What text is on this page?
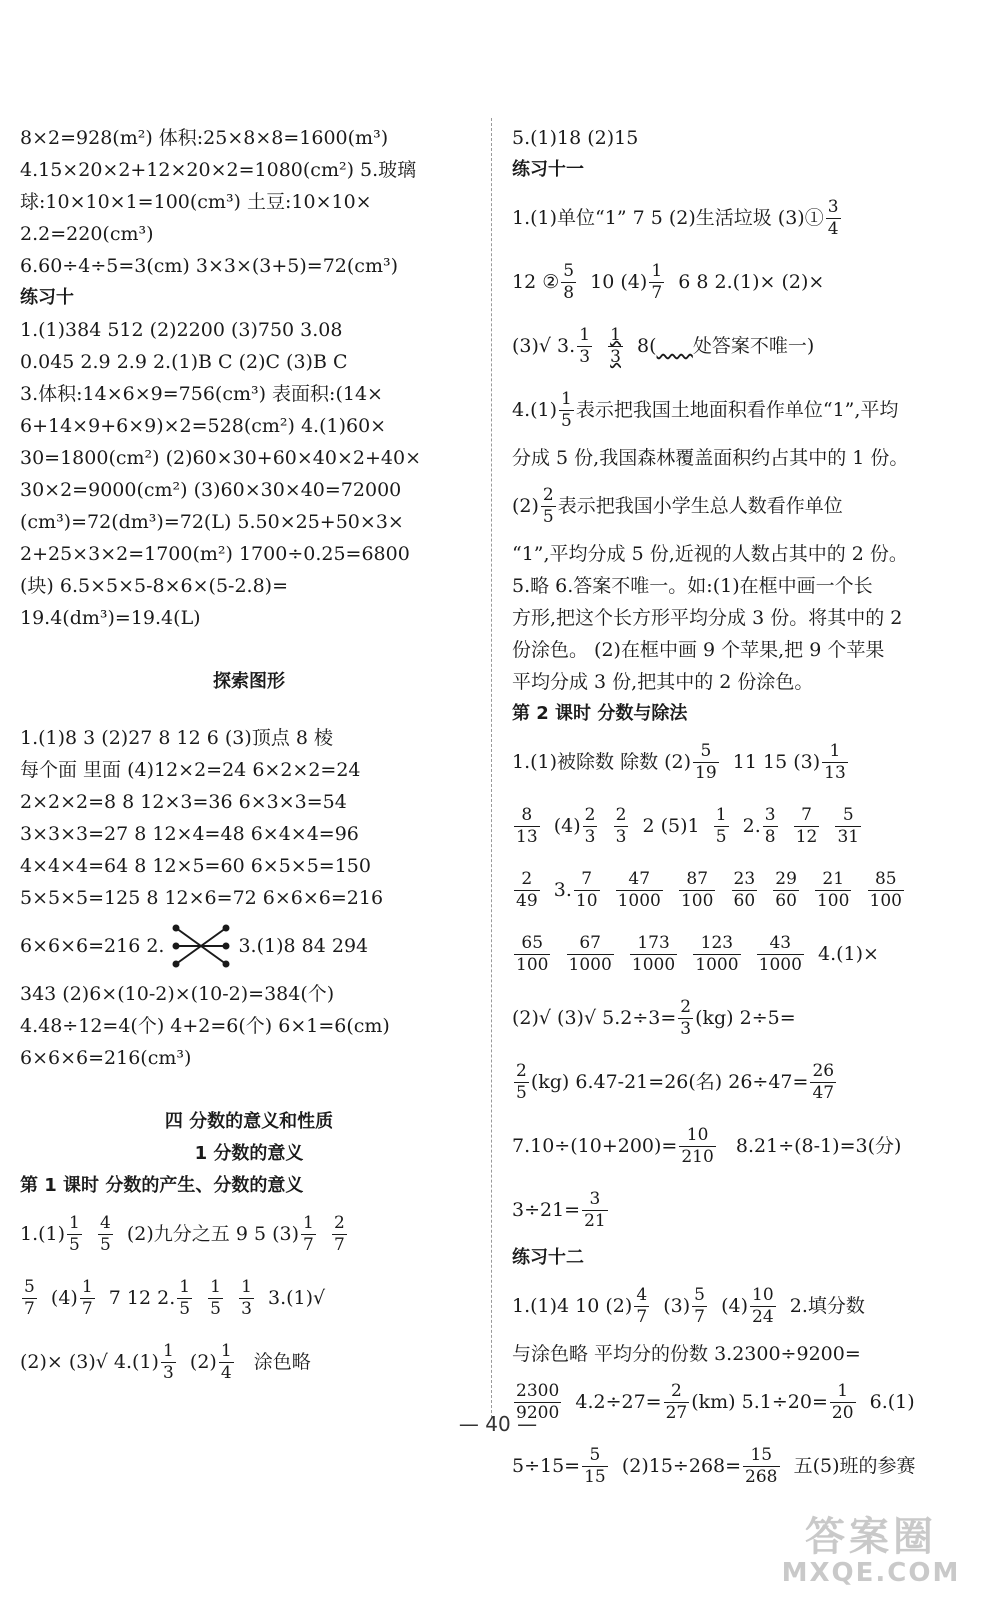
8×2=928(m²) 体积:25×8×8=1600(m³)
4.15×20×2+12×20×2=1080(cm²) 5.玻璃
球:10×10×1=100(cm³) 土豆:10×10×
2.2=220(cm³)
6.60÷4÷5=3(cm) 3×3×(3+5)=72(cm³)
练习十
1.(1)384 512 (2)2200 (3)750 3.08
0.045 2.9 2.9 2.(1)B C (2)C (3)B C
3.体积:14×6×9=756(cm³) 表面积:(14×
6+14×9+6×9)×2=528(cm²) 4.(1)60×
30=1800(cm²) (2)60×30+60×40×2+40×
30×2=9000(cm²) (3)60×30×40=72000
(cm³)=72(dm³)=72(L) 5.50×25+50×3×
2+25×3×2=1700(m²) 1700÷0.25=6800
(块) 6.5×5×5-8×6×(5-2.8)=
19.4(dm³)=19.4(L)
探索图形
1.(1)8 3 (2)27 8 12 6 (3)顶点 8 棱
每个面 里面 (4)12×2=24 6×2×2=24
2×2×2=8 8 12×3=36 6×3×3=54
3×3×3=27 8 12×4=48 6×4×4=96
4×4×4=64 8 12×5=60 6×5×5=150
5×5×5=125 8 12×6=72 6×6×6=216
6×6×6=216 2.	3.(1)8 84 294
343 (2)6×(10-2)×(10-2)=384(个)
4.48÷12=4(个) 4+2=6(个) 6×1=6(cm)
6×6×6=216(cm³)
四 分数的意义和性质
1 分数的意义
第 1 课时 分数的产生、分数的意义
$1.(1) \frac{1}{5}$
$\frac{4}{5}$
(2)九分之五 9 5 $(3) \frac{1}{7}$
$\frac{2}{7}$
$\frac{5}{7}$
$(4) \frac{1}{7}$
7 12 2. $\frac{1}{5}$
$\frac{1}{5}$
$\frac{1}{3}$
3.(1)√
(2)× (3)√ $4.(1) \frac{1}{3}$
$(2) \frac{1}{4}$
涂色略
5.(1)18 (2)15
练习十一
1.(1)单位“1” 7 5 (2)生活垃圾 (3)① $\frac{3}{4}$
12 ② $\frac{5}{8}$
10 $(4) \frac{1}{7}$
6 8 2.(1)× (2)×
(3)√ 3. $\frac{1}{3}$
$\frac{1}{3}$
8(
处答案不唯一)
$4.(1) \frac{1}{5}$ 表示把我国土地面积看作单位“1”,平均
分成 5 份,我国森林覆盖面积约占其中的 1 份。
$(2) \frac{2}{5}$ 表示把我国小学生总人数看作单位
“1”,平均分成 5 份,近视的人数占其中的 2 份。
5.略 6.答案不唯一。如:(1)在框中画一个长
方形,把这个长方形平均分成 3 份。将其中的 2
份涂色。 (2)在框中画 9 个苹果,把 9 个苹果
平均分成 3 份,把其中的 2 份涂色。
第 2 课时 分数与除法
1.(1)被除数 除数 $(2) \frac{5}{19}$
11 15 $(3) \frac{1}{13}$
$\frac{8}{13}$
$(4) \frac{2}{3}$
$\frac{2}{3}$
2 (5)1
$\frac{1}{5}$
2. $\frac{3}{8}$
$\frac{7}{12}$
$\frac{5}{31}$
$\frac{2}{49}$
3. $\frac{7}{10}$
$\frac{47}{1000}$
$\frac{87}{100}$
$\frac{23}{60}$
$\frac{29}{60}$
$\frac{21}{100}$
$\frac{85}{100}$
$\frac{65}{100}$
$\frac{67}{1000}$
$\frac{173}{1000}$
$\frac{123}{1000}$
$\frac{43}{1000}$
4.(1)×
(2)√ (3)√ $5.2\div 3= \frac{2}{3} (kg)$ 2÷5=
$\frac{2}{5} (kg)$ 6.47-21=26(名) $26\div 47= \frac{26}{47}$
$7.10\div(10+200)= \frac{10}{210}$
8.21÷(8-1)=3(分)
$3\div 21= \frac{3}{21}$
练习十二
1.(1)4 10 $(2) \frac{4}{7}$
$(3) \frac{5}{7}$
$(4) \frac{10}{24}$
2.填分数
与涂色略 平均分的份数 3.2300÷9200=
$\frac{2300}{9200}$
$4.2\div 27= \frac{2}{27} (km)$ $5.1\div 20= \frac{1}{20}$
6.(1)
$5\div 15= \frac{5}{15}$
$(2)15\div 268= \frac{15}{268}$
五(5)班的参赛
— 40 —
答案圈
MXQE.COM
